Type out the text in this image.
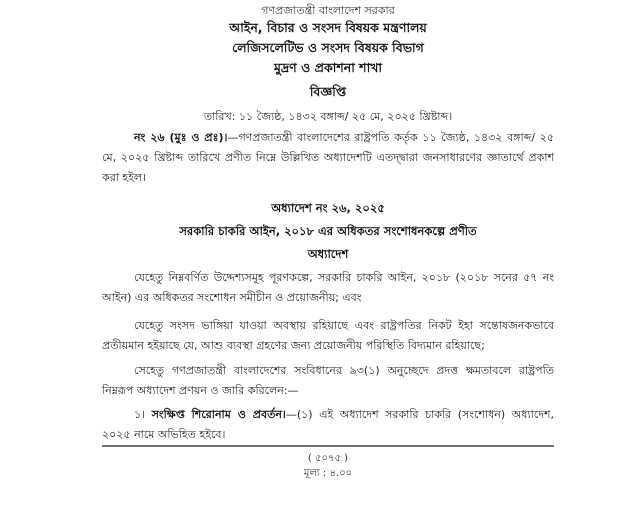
গণপ্রজাতন্ত্রী বাংলাদেশ সরকার
আইন, বিচার ও সংসদ বিষয়ক মন্ত্রণালয়
লেজিসলেটিভ ও সংসদ বিষয়ক বিভাগ
মুদ্রণ ও প্রকাশনা শাখা
বিজ্ঞপ্তি
তারিখ: ১১ জ্যৈষ্ঠ, ১৪৩২ বঙ্গাব্দ/ ২৫ মে, ২০২৫ খ্রিষ্টাব্দ।
নং ২৬ (মুঃ ও প্রঃ)।—গণপ্রজাতন্ত্রী বাংলাদেশের রাষ্ট্রপতি কর্তৃক ১১ জ্যৈষ্ঠ, ১৪৩২ বঙ্গাব্দ/ ২৫ মে, ২০২৫ খ্রিষ্টাব্দ তারিখে প্রণীত নিম্নে উল্লিখিত অধ্যাদেশটি এতদ্দ্বারা জনসাধারণের জ্ঞাতার্থে প্রকাশ করা হইল।
অধ্যাদেশ নং ২৬, ২০২৫
সরকারি চাকরি আইন, ২০১৮ এর অধিকতর সংশোধনকল্পে প্রণীত
অধ্যাদেশ
যেহেতু নিম্নবর্ণিত উদ্দেশ্যসমূহ পূরণকল্পে, সরকারি চাকরি আইন, ২০১৮ (২০১৮ সনের ৫৭ নং আইন) এর অধিকতর সংশোধন সমীচীন ও প্রয়োজনীয়; এবং
যেহেতু সংসদ ভাঙ্গিয়া যাওয়া অবস্থায় রহিয়াছে এবং রাষ্ট্রপতির নিকট ইহা সন্তোষজনকভাবে প্রতীয়মান হইয়াছে যে, আশু ব্যবস্থা গ্রহণের জন্য প্রয়োজনীয় পরিস্থিতি বিদ্যমান রহিয়াছে;
সেহেতু গণপ্রজাতন্ত্রী বাংলাদেশের সংবিধানের ৯৩(১) অনুচ্ছেদে প্রদত্ত ক্ষমতাবলে রাষ্ট্রপতি নিম্নরূপ অধ্যাদেশ প্রণয়ন ও জারি করিলেন:—
১। সংক্ষিপ্ত শিরোনাম ও প্রবর্তন।—(১) এই অধ্যাদেশ সরকারি চাকরি (সংশোধন) অধ্যাদেশ, ২০২৫ নামে অভিহিত হইবে।
( ৫০৭৫ )
মূল্য : ৪.০০
